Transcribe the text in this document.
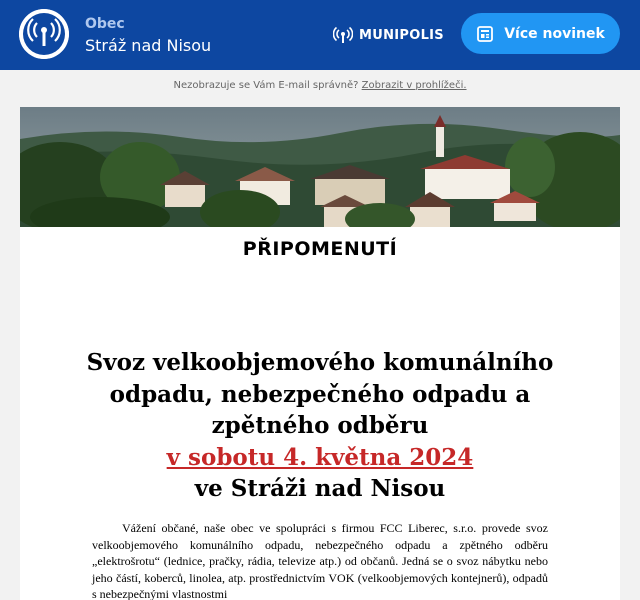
Obec
Stráž nad Nisou
MUNIPOLIS	Více novinek
Nezobrazuje se Vám E-mail správně? Zobrazit v prohlížeči.
PŘIPOMENUTÍ
Svoz velkoobjemového komunálního
odpadu, nebezpečného odpadu a
zpětného odběru
v sobotu 4. května 2024
ve Stráži nad Nisou
Vážení občané, naše obec ve spolupráci s firmou FCC Liberec, s.r.o. provede svoz velkoobjemového komunálního odpadu, nebezpečného odpadu a zpětného odběru „elektrošrotu“ (lednice, pračky, rádia, televize atp.) od občanů. Jedná se o svoz nábytku nebo jeho částí, koberců, linolea, atp. prostřednictvím VOK (velkoobjemových kontejnerů), odpadů s nebezpečnými vlastnostmi
